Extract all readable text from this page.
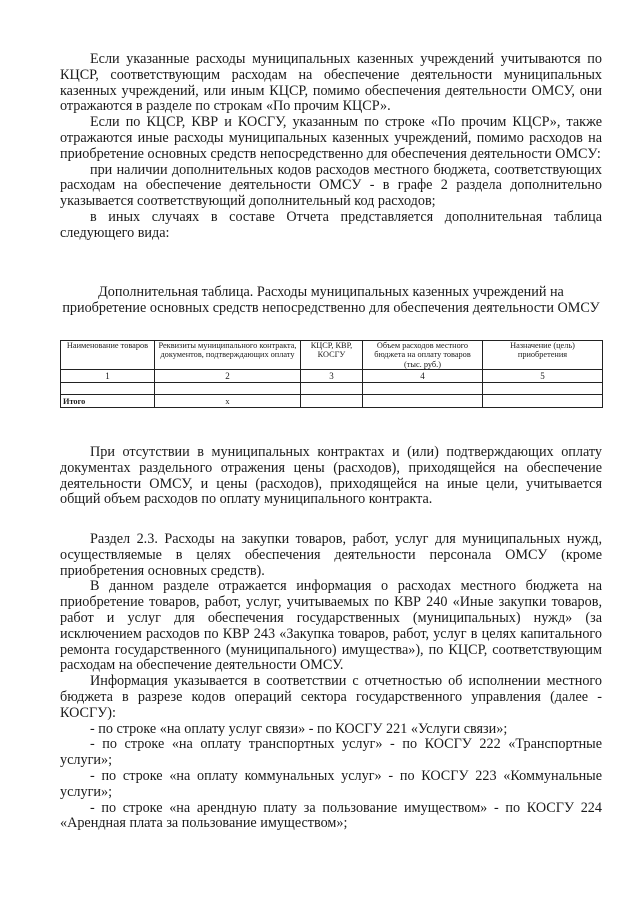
Если указанные расходы муниципальных казенных учреждений учитываются по КЦСР, соответствующим расходам на обеспечение деятельности муниципальных казенных учреждений, или иным КЦСР, помимо обеспечения деятельности ОМСУ, они отражаются в разделе по строкам «По прочим КЦСР».

Если по КЦСР, КВР и КОСГУ, указанным по строке «По прочим КЦСР», также отражаются иные расходы муниципальных казенных учреждений, помимо расходов на приобретение основных средств непосредственно для обеспечения деятельности ОМСУ:

при наличии дополнительных кодов расходов местного бюджета, соответствующих расходам на обеспечение деятельности ОМСУ - в графе 2 раздела дополнительно указывается соответствующий дополнительный код расходов;

в иных случаях в составе Отчета представляется дополнительная таблица следующего вида:

Дополнительная таблица. Расходы муниципальных казенных учреждений на приобретение основных средств непосредственно для обеспечения деятельности ОМСУ
Наименование товаров	Реквизиты муниципального контракта, документов, подтверждающих оплату	КЦСР, КВР, КОСГУ	Объем расходов местного бюджета на оплату товаров (тыс. руб.)	Назначение (цель) приобретения
1	2	3	4	5

Итого	х			

При отсутствии в муниципальных контрактах и (или) подтверждающих оплату документах раздельного отражения цены (расходов), приходящейся на обеспечение деятельности ОМСУ, и цены (расходов), приходящейся на иные цели, учитывается общий объем расходов по оплату муниципального контракта.

Раздел 2.3. Расходы на закупки товаров, работ, услуг для муниципальных нужд, осуществляемые в целях обеспечения деятельности персонала ОМСУ (кроме приобретения основных средств).

В данном разделе отражается информация о расходах местного бюджета на приобретение товаров, работ, услуг, учитываемых по КВР 240 «Иные закупки товаров, работ и услуг для обеспечения государственных (муниципальных) нужд» (за исключением расходов по КВР 243 «Закупка товаров, работ, услуг в целях капитального ремонта государственного (муниципального) имущества»), по КЦСР, соответствующим расходам на обеспечение деятельности ОМСУ.

Информация указывается в соответствии с отчетностью об исполнении местного бюджета в разрезе кодов операций сектора государственного управления (далее - КОСГУ):

- по строке «на оплату услуг связи» - по КОСГУ 221 «Услуги связи»;

- по строке «на оплату транспортных услуг» - по КОСГУ 222 «Транспортные услуги»;

- по строке «на оплату коммунальных услуг» - по КОСГУ 223 «Коммунальные услуги»;

- по строке «на арендную плату за пользование имуществом» - по КОСГУ 224 «Арендная плата за пользование имуществом»;
